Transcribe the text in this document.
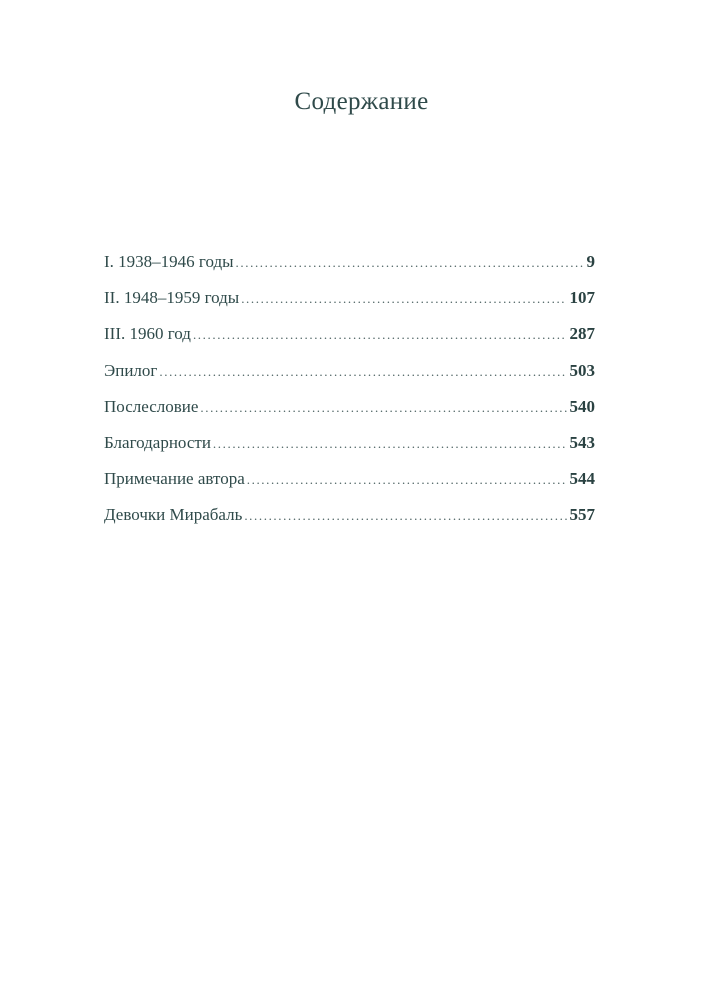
Содержание
I. 1938–1946 годы .....	9
II. 1948–1959 годы .....	107
III. 1960 год .....	287
Эпилог .....	503
Послесловие .....	540
Благодарности .....	543
Примечание автора .....	544
Девочки Мирабаль .....	557
